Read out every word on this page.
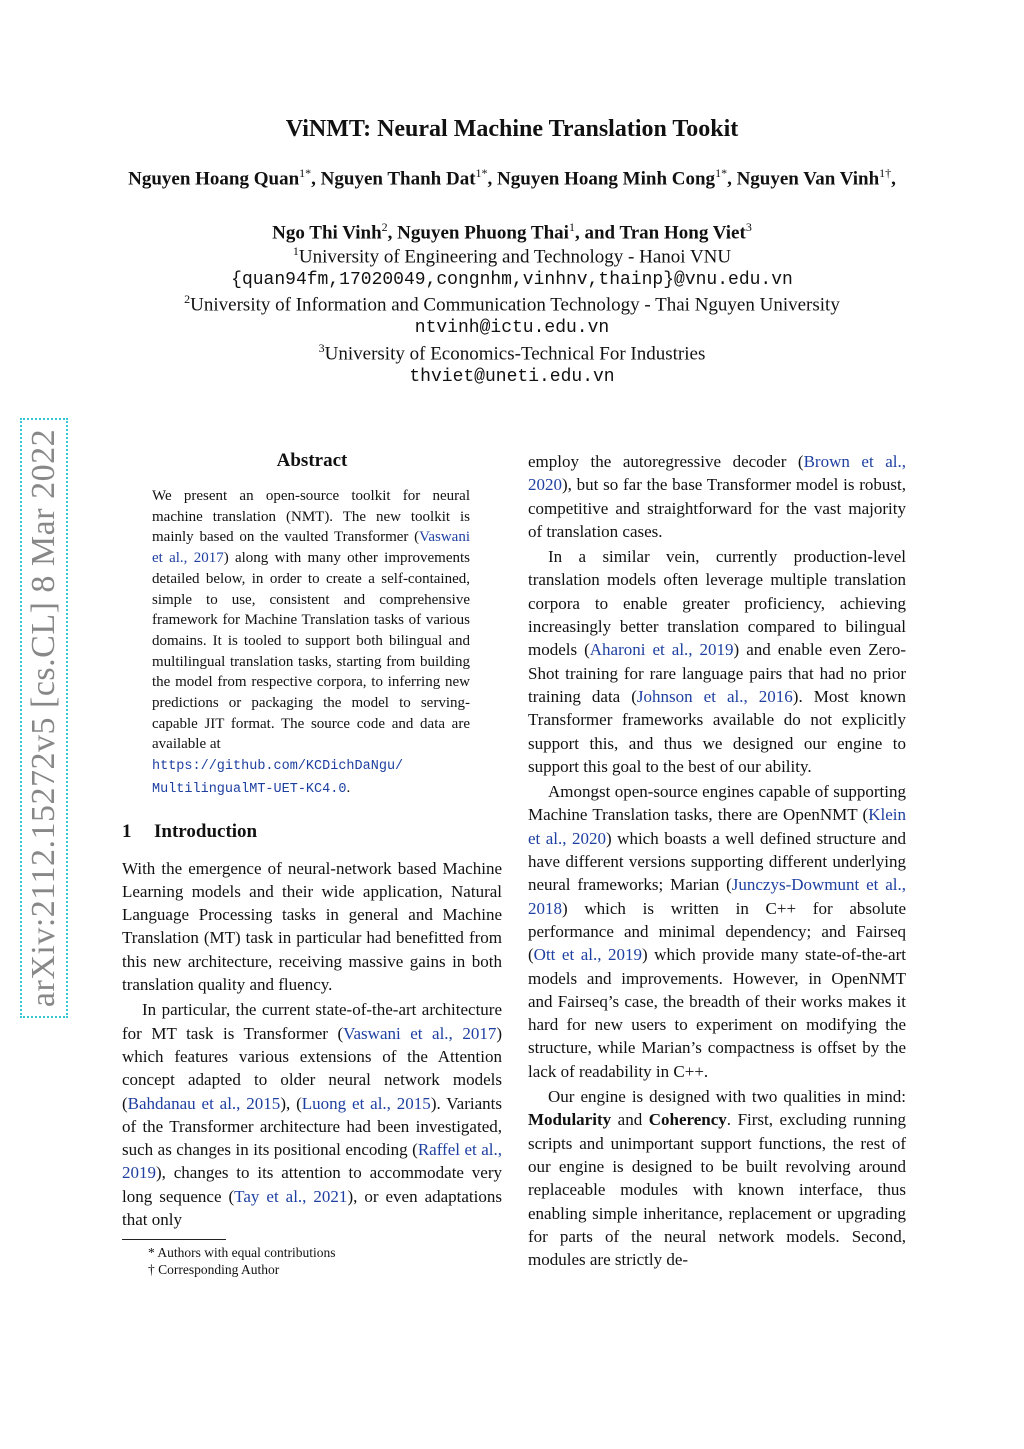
arXiv:2112.15272v5 [cs.CL] 8 Mar 2022
ViNMT: Neural Machine Translation Tookit
Nguyen Hoang Quan$^{1*}$, Nguyen Thanh Dat$^{1*}$, Nguyen Hoang Minh Cong$^{1*}$, Nguyen Van Vinh$^{1\dagger}$,
Ngo Thi Vinh$^2$, Nguyen Phuong Thai$^1$, and Tran Hong Viet$^3$
$^1$University of Engineering and Technology - Hanoi VNU
{quan94fm,17020049,congnhm,vinhnv,thainp}@vnu.edu.vn
$^2$University of Information and Communication Technology - Thai Nguyen University
ntvinh@ictu.edu.vn
$^3$University of Economics-Technical For Industries
thviet@uneti.edu.vn
Abstract

We present an open-source toolkit for neural machine translation (NMT). The new toolkit is mainly based on the vaulted Transformer (Vaswani et al., 2017) along with many other improvements detailed below, in order to create a self-contained, simple to use, consistent and comprehensive framework for Machine Translation tasks of various domains. It is tooled to support both bilingual and multilingual translation tasks, starting from building the model from respective corpora, to inferring new predictions or packaging the model to serving-capable JIT format. The source code and data are available at
https://github.com/KCDichDaNgu/
MultilingualMT-UET-KC4.0.

1 Introduction

With the emergence of neural-network based Machine Learning models and their wide application, Natural Language Processing tasks in general and Machine Translation (MT) task in particular had benefitted from this new architecture, receiving massive gains in both translation quality and fluency.

In particular, the current state-of-the-art architecture for MT task is Transformer (Vaswani et al., 2017) which features various extensions of the Attention concept adapted to older neural network models (Bahdanau et al., 2015), (Luong et al., 2015). Variants of the Transformer architecture had been investigated, such as changes in its positional encoding (Raffel et al., 2019), changes to its attention to accommodate very long sequence (Tay et al., 2021), or even adaptations that only

* Authors with equal contributions

† Corresponding Author

employ the autoregressive decoder (Brown et al., 2020), but so far the base Transformer model is robust, competitive and straightforward for the vast majority of translation cases.

In a similar vein, currently production-level translation models often leverage multiple translation corpora to enable greater proficiency, achieving increasingly better translation compared to bilingual models (Aharoni et al., 2019) and enable even Zero-Shot training for rare language pairs that had no prior training data (Johnson et al., 2016). Most known Transformer frameworks available do not explicitly support this, and thus we designed our engine to support this goal to the best of our ability.

Amongst open-source engines capable of supporting Machine Translation tasks, there are OpenNMT (Klein et al., 2020) which boasts a well defined structure and have different versions supporting different underlying neural frameworks; Marian (Junczys-Dowmunt et al., 2018) which is written in C++ for absolute performance and minimal dependency; and Fairseq (Ott et al., 2019) which provide many state-of-the-art models and improvements. However, in OpenNMT and Fairseq’s case, the breadth of their works makes it hard for new users to experiment on modifying the structure, while Marian’s compactness is offset by the lack of readability in C++.

Our engine is designed with two qualities in mind: Modularity and Coherency. First, excluding running scripts and unimportant support functions, the rest of our engine is designed to be built revolving around replaceable modules with known interface, thus enabling simple inheritance, replacement or upgrading for parts of the neural network models. Second, modules are strictly de-
